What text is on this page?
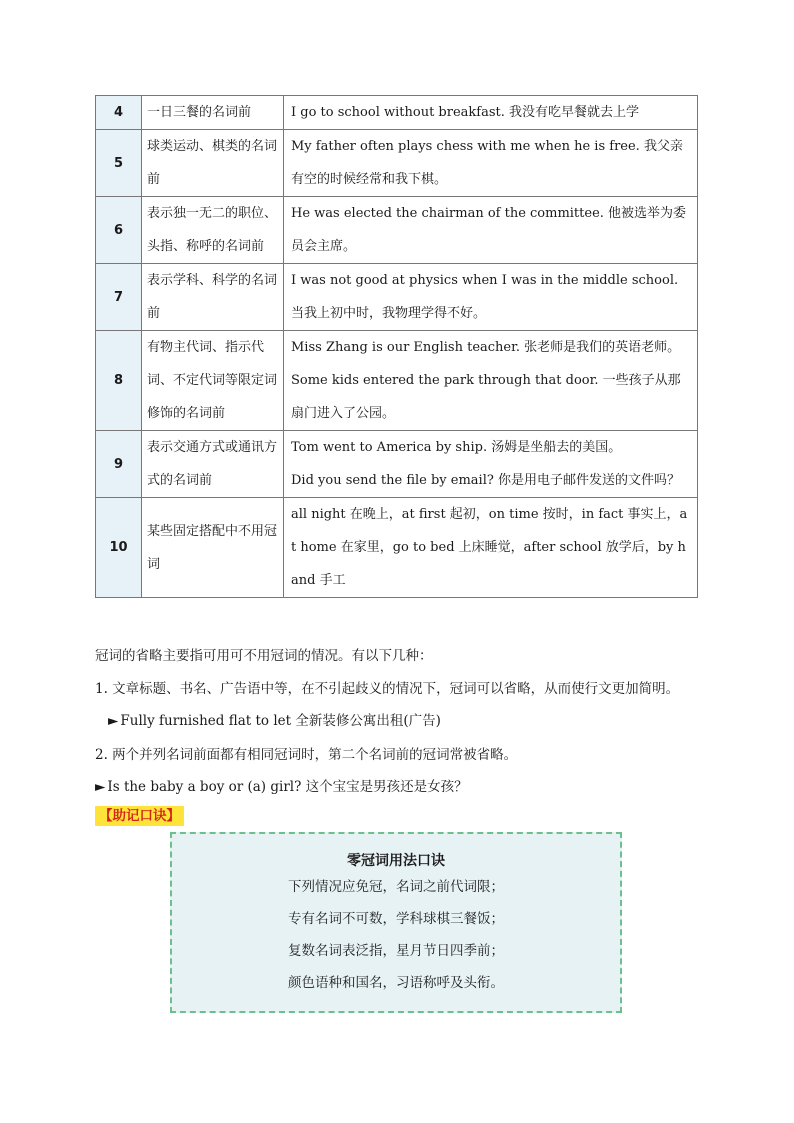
4	一日三餐的名词前	I go to school without breakfast. 我没有吃早餐就去上学

5	球类运动、棋类的名词前	My father often plays chess with me when he is free. 我父亲有空的时候经常和我下棋。

6	表示独一无二的职位、头指、称呼的名词前	He was elected the chairman of the committee. 他被选举为委员会主席。

7	表示学科、科学的名词前	I was not good at physics when I was in the middle school. 当我上初中时，我物理学得不好。

8	有物主代词、指示代词、不定代词等限定词修饰的名词前	Miss Zhang is our English teacher. 张老师是我们的英语老师。
Some kids entered the park through that door. 一些孩子从那扇门进入了公园。

9	表示交通方式或通讯方式的名词前	Tom went to America by ship. 汤姆是坐船去的美国。
Did you send the file by email? 你是用电子邮件发送的文件吗？

10	某些固定搭配中不用冠词	all night 在晚上，at first 起初，on time 按时，in fact 事实上，at home 在家里，go to bed 上床睡觉，after school 放学后，by hand 手工
冠词的省略主要指可用可不用冠词的情况。有以下几种：
1. 文章标题、书名、广告语中等，在不引起歧义的情况下，冠词可以省略，从而使行文更加简明。
► Fully furnished flat to let 全新装修公寓出租(广告)
2. 两个并列名词前面都有相同冠词时，第二个名词前的冠词常被省略。
► Is the baby a boy or (a) girl? 这个宝宝是男孩还是女孩？
【助记口诀】
零冠词用法口诀
下列情况应免冠，名词之前代词限；
专有名词不可数，学科球棋三餐饭；
复数名词表泛指，星月节日四季前；
颜色语种和国名，习语称呼及头衔。
